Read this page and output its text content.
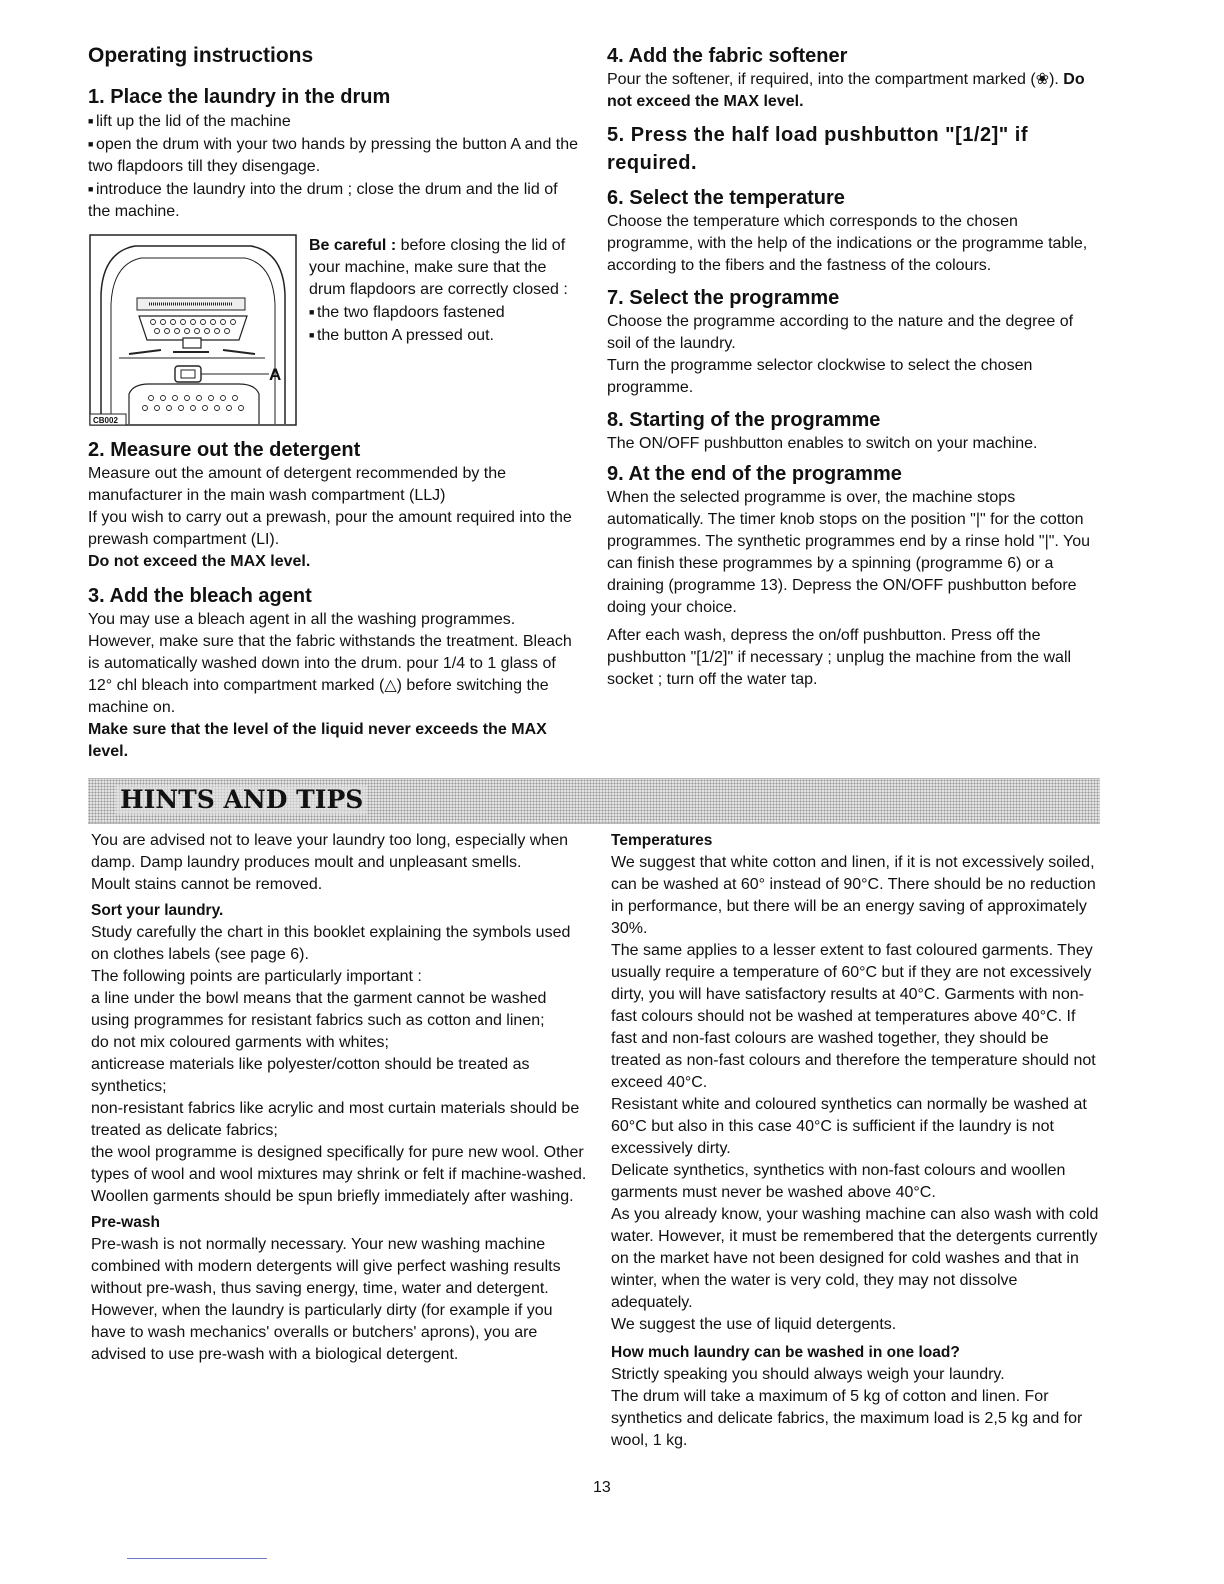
Operating instructions
1. Place the laundry in the drum
■ lift up the lid of the machine
■ open the drum with your two hands by pressing the button A and the two flapdoors till they disengage.
■ introduce the laundry into the drum ; close the drum and the lid of the machine.
A
CB002
Be careful : before closing the lid of your machine, make sure that the drum flapdoors are correctly closed :
■ the two flapdoors fastened
■ the button A pressed out.
2. Measure out the detergent
Measure out the amount of detergent recommended by the manufacturer in the main wash compartment (LLJ)
If you wish to carry out a prewash, pour the amount required into the prewash compartment (LI).
Do not exceed the MAX level.
3. Add the bleach agent
You may use a bleach agent in all the washing programmes. However, make sure that the fabric withstands the treatment. Bleach is automatically washed down into the drum. pour 1/4 to 1 glass of 12° chl bleach into compartment marked (△) before switching the machine on.
Make sure that the level of the liquid never exceeds the MAX level.
4. Add the fabric softener
Pour the softener, if required, into the compartment marked (❀). Do not exceed the MAX level.
5. Press the half load pushbutton "[1/2]" if required.
6. Select the temperature
Choose the temperature which corresponds to the chosen programme, with the help of the indications or the programme table, according to the fibers and the fastness of the colours.
7. Select the programme
Choose the programme according to the nature and the degree of soil of the laundry.
Turn the programme selector clockwise to select the chosen programme.
8. Starting of the programme
The ON/OFF pushbutton enables to switch on your machine.
9. At the end of the programme
When the selected programme is over, the machine stops automatically. The timer knob stops on the position "|" for the cotton programmes. The synthetic programmes end by a rinse hold "|". You can finish these programmes by a spinning (programme 6) or a draining (programme 13). Depress the ON/OFF pushbutton before doing your choice.
After each wash, depress the on/off pushbutton. Press off the pushbutton "[1/2]" if necessary ; unplug the machine from the wall socket ; turn off the water tap.
HINTS AND TIPS
You are advised not to leave your laundry too long, especially when damp. Damp laundry produces moult and unpleasant smells.
Moult stains cannot be removed.
Sort your laundry.
Study carefully the chart in this booklet explaining the symbols used on clothes labels (see page 6).
The following points are particularly important :
a line under the bowl means that the garment cannot be washed using programmes for resistant fabrics such as cotton and linen;
do not mix coloured garments with whites;
anticrease materials like polyester/cotton should be treated as synthetics;
non-resistant fabrics like acrylic and most curtain materials should be treated as delicate fabrics;
the wool programme is designed specifically for pure new wool. Other types of wool and wool mixtures may shrink or felt if machine-washed.
Woollen garments should be spun briefly immediately after washing.
Pre-wash
Pre-wash is not normally necessary. Your new washing machine combined with modern detergents will give perfect washing results without pre-wash, thus saving energy, time, water and detergent.
However, when the laundry is particularly dirty (for example if you have to wash mechanics' overalls or butchers' aprons), you are advised to use pre-wash with a biological detergent.
Temperatures
We suggest that white cotton and linen, if it is not excessively soiled, can be washed at 60° instead of 90°C. There should be no reduction in performance, but there will be an energy saving of approximately 30%.
The same applies to a lesser extent to fast coloured garments. They usually require a temperature of 60°C but if they are not excessively dirty, you will have satisfactory results at 40°C. Garments with non-fast colours should not be washed at temperatures above 40°C. If fast and non-fast colours are washed together, they should be treated as non-fast colours and therefore the temperature should not exceed 40°C.
Resistant white and coloured synthetics can normally be washed at 60°C but also in this case 40°C is sufficient if the laundry is not excessively dirty.
Delicate synthetics, synthetics with non-fast colours and woollen garments must never be washed above 40°C.
As you already know, your washing machine can also wash with cold water. However, it must be remembered that the detergents currently on the market have not been designed for cold washes and that in winter, when the water is very cold, they may not dissolve adequately.
We suggest the use of liquid detergents.
How much laundry can be washed in one load?
Strictly speaking you should always weigh your laundry.
The drum will take a maximum of 5 kg of cotton and linen. For synthetics and delicate fabrics, the maximum load is 2,5 kg and for wool, 1 kg.
13
